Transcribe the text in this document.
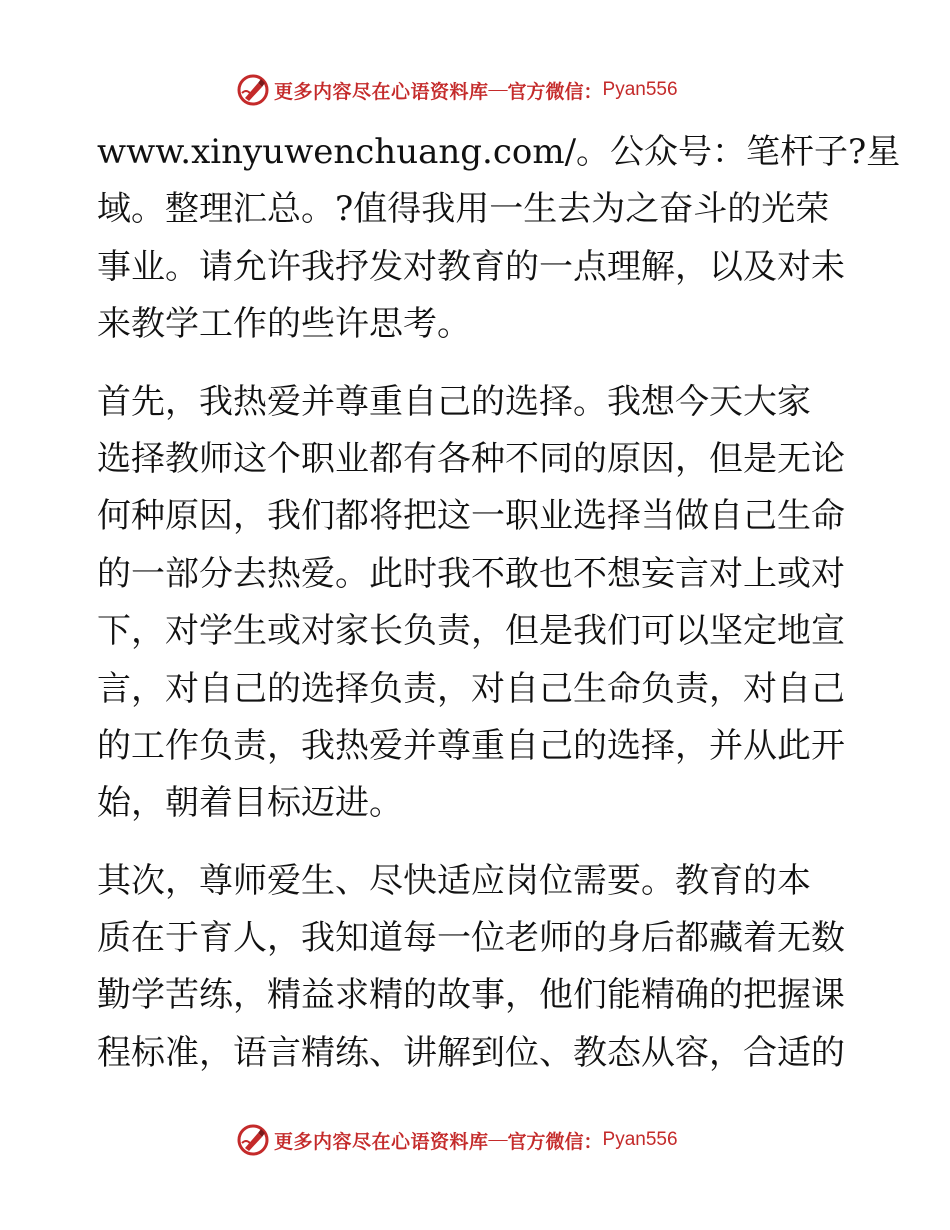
更多内容尽在心语资料库 — 官方微信： Pyan556
www.xinyuwenchuang.com/。公众号：笔杆子?星
域。整理汇总。?值得我用一生去为之奋斗的光荣
事业。请允许我抒发对教育的一点理解，以及对未
来教学工作的些许思考。
首先，我热爱并尊重自己的选择。我想今天大家
选择教师这个职业都有各种不同的原因，但是无论
何种原因，我们都将把这一职业选择当做自己生命
的一部分去热爱。此时我不敢也不想妄言对上或对
下，对学生或对家长负责，但是我们可以坚定地宣
言，对自己的选择负责，对自己生命负责，对自己
的工作负责，我热爱并尊重自己的选择，并从此开
始，朝着目标迈进。
其次，尊师爱生、尽快适应岗位需要。教育的本
质在于育人，我知道每一位老师的身后都藏着无数
勤学苦练，精益求精的故事，他们能精确的把握课
程标准，语言精练、讲解到位、教态从容，合适的
更多内容尽在心语资料库 — 官方微信： Pyan556
